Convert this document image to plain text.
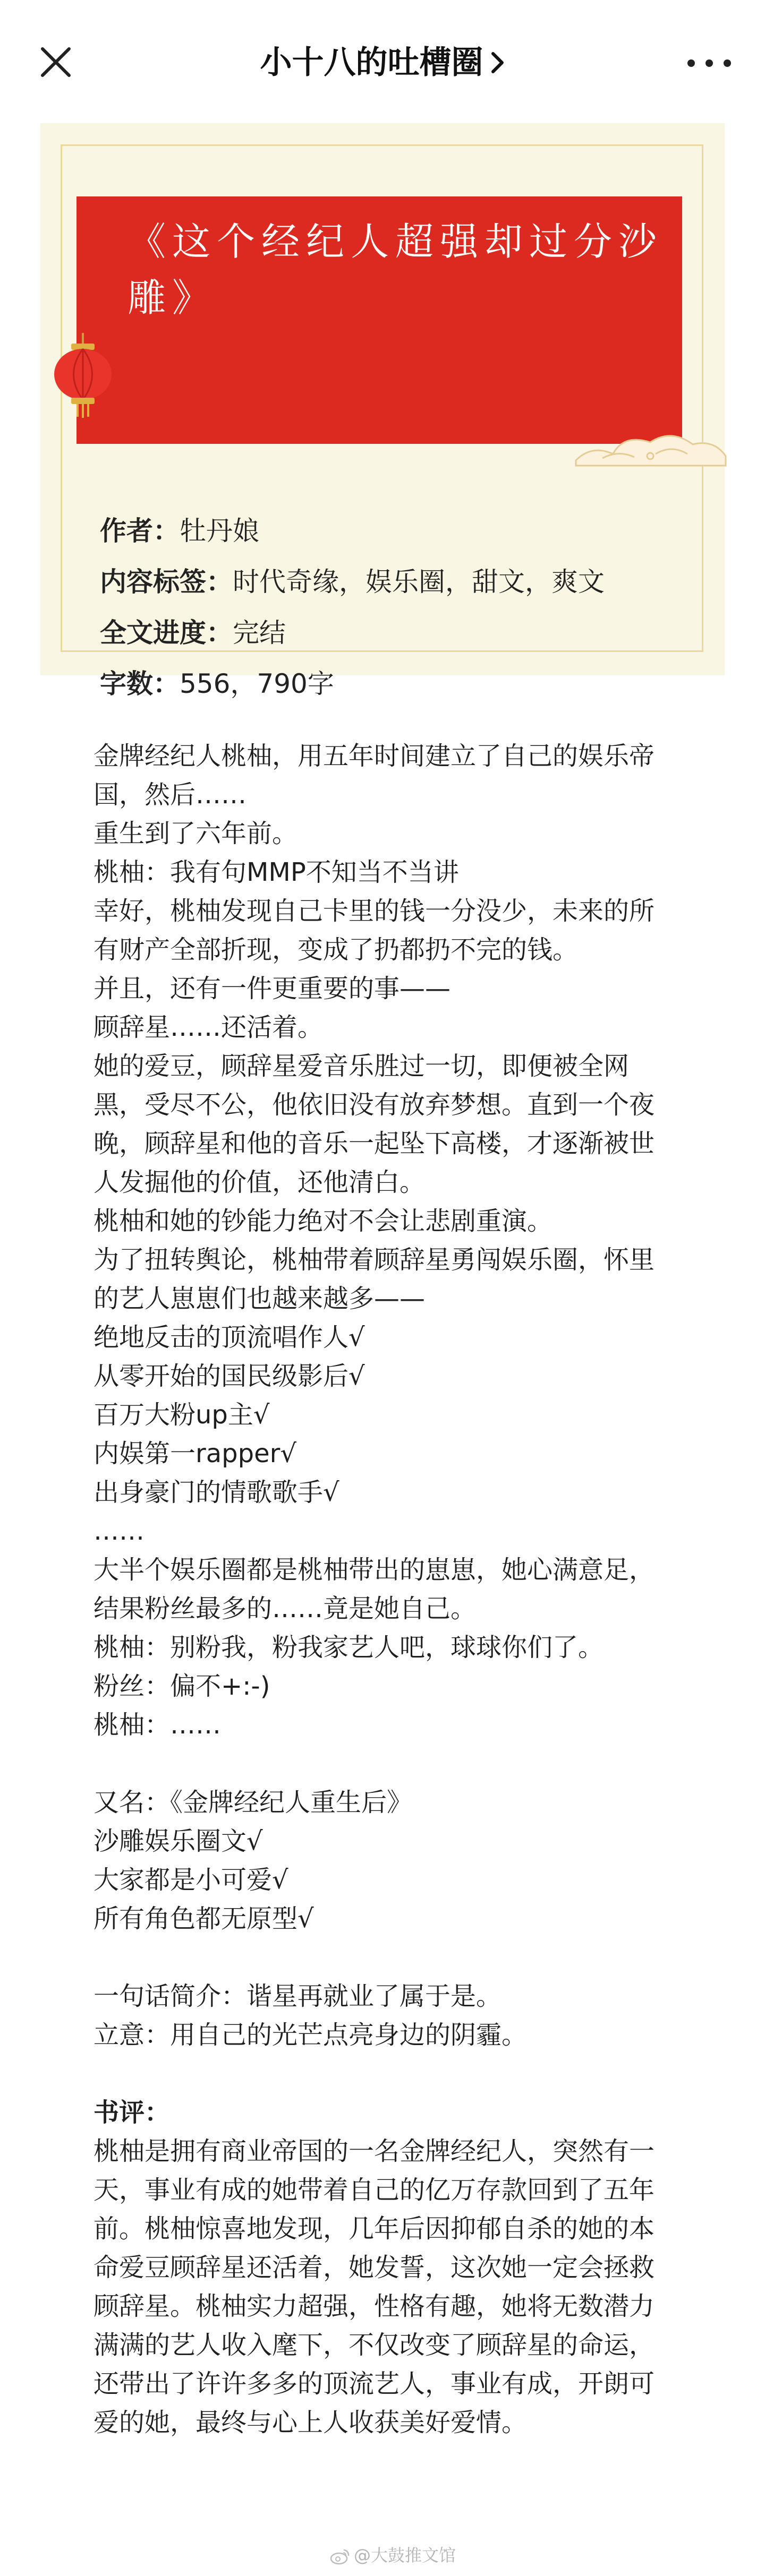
小十八的吐槽圈
《这个经纪人超强却过分沙雕》

作者：牡丹娘

内容标签：时代奇缘，娱乐圈，甜文，爽文

全文进度：完结

字数：556，790字

金牌经纪人桃柚，用五年时间建立了自己的娱乐帝国，然后……

重生到了六年前。

桃柚：我有句MMP不知当不当讲

幸好，桃柚发现自己卡里的钱一分没少，未来的所有财产全部折现，变成了扔都扔不完的钱。

并且，还有一件更重要的事——

顾辞星……还活着。

她的爱豆，顾辞星爱音乐胜过一切，即便被全网黑，受尽不公，他依旧没有放弃梦想。直到一个夜晚，顾辞星和他的音乐一起坠下高楼，才逐渐被世人发掘他的价值，还他清白。

桃柚和她的钞能力绝对不会让悲剧重演。

为了扭转舆论，桃柚带着顾辞星勇闯娱乐圈，怀里的艺人崽崽们也越来越多——

绝地反击的顶流唱作人√

从零开始的国民级影后√

百万大粉up主√

内娱第一rapper√

出身豪门的情歌歌手√

……

大半个娱乐圈都是桃柚带出的崽崽，她心满意足，结果粉丝最多的……竟是她自己。

桃柚：别粉我，粉我家艺人吧，球球你们了。

粉丝：偏不+:-)

桃柚：……

又名：《金牌经纪人重生后》

沙雕娱乐圈文√

大家都是小可爱√

所有角色都无原型√

一句话简介：谐星再就业了属于是。

立意：用自己的光芒点亮身边的阴霾。

书评：

桃柚是拥有商业帝国的一名金牌经纪人，突然有一天，事业有成的她带着自己的亿万存款回到了五年前。桃柚惊喜地发现，几年后因抑郁自杀的她的本命爱豆顾辞星还活着，她发誓，这次她一定会拯救顾辞星。桃柚实力超强，性格有趣，她将无数潜力满满的艺人收入麾下，不仅改变了顾辞星的命运，还带出了许许多多的顶流艺人，事业有成，开朗可爱的她，最终与心上人收获美好爱情。

@大鼓推文馆
